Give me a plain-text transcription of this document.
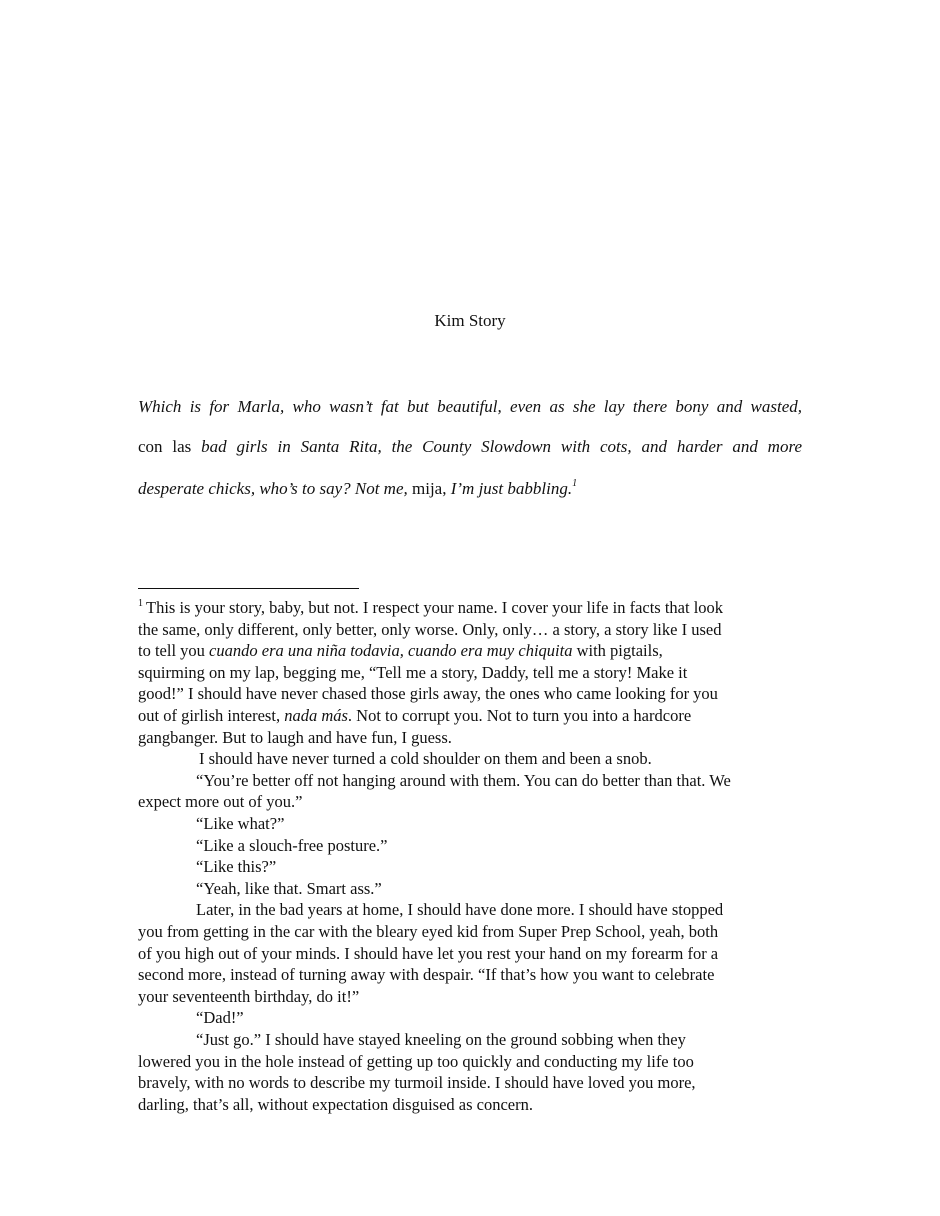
Kim Story
Which is for Marla, who wasn’t fat but beautiful, even as she lay there bony and wasted,
con las bad girls in Santa Rita, the County Slowdown with cots, and harder and more
desperate chicks, who’s to say? Not me, mija, I’m just babbling.$^1$
$^1$ This is your story, baby, but not. I respect your name. I cover your life in facts that look
the same, only different, only better, only worse. Only, only… a story, a story like I used
to tell you cuando era una niña todavia, cuando era muy chiquita with pigtails,
squirming on my lap, begging me, “Tell me a story, Daddy, tell me a story! Make it
good!” I should have never chased those girls away, the ones who came looking for you
out of girlish interest, nada más. Not to corrupt you. Not to turn you into a hardcore
gangbanger. But to laugh and have fun, I guess.
I should have never turned a cold shoulder on them and been a snob.
“You’re better off not hanging around with them. You can do better than that. We
expect more out of you.”
“Like what?”
“Like a slouch-free posture.”
“Like this?”
“Yeah, like that. Smart ass.”
Later, in the bad years at home, I should have done more. I should have stopped
you from getting in the car with the bleary eyed kid from Super Prep School, yeah, both
of you high out of your minds. I should have let you rest your hand on my forearm for a
second more, instead of turning away with despair. “If that’s how you want to celebrate
your seventeenth birthday, do it!”
“Dad!”
“Just go.” I should have stayed kneeling on the ground sobbing when they
lowered you in the hole instead of getting up too quickly and conducting my life too
bravely, with no words to describe my turmoil inside. I should have loved you more,
darling, that’s all, without expectation disguised as concern.
